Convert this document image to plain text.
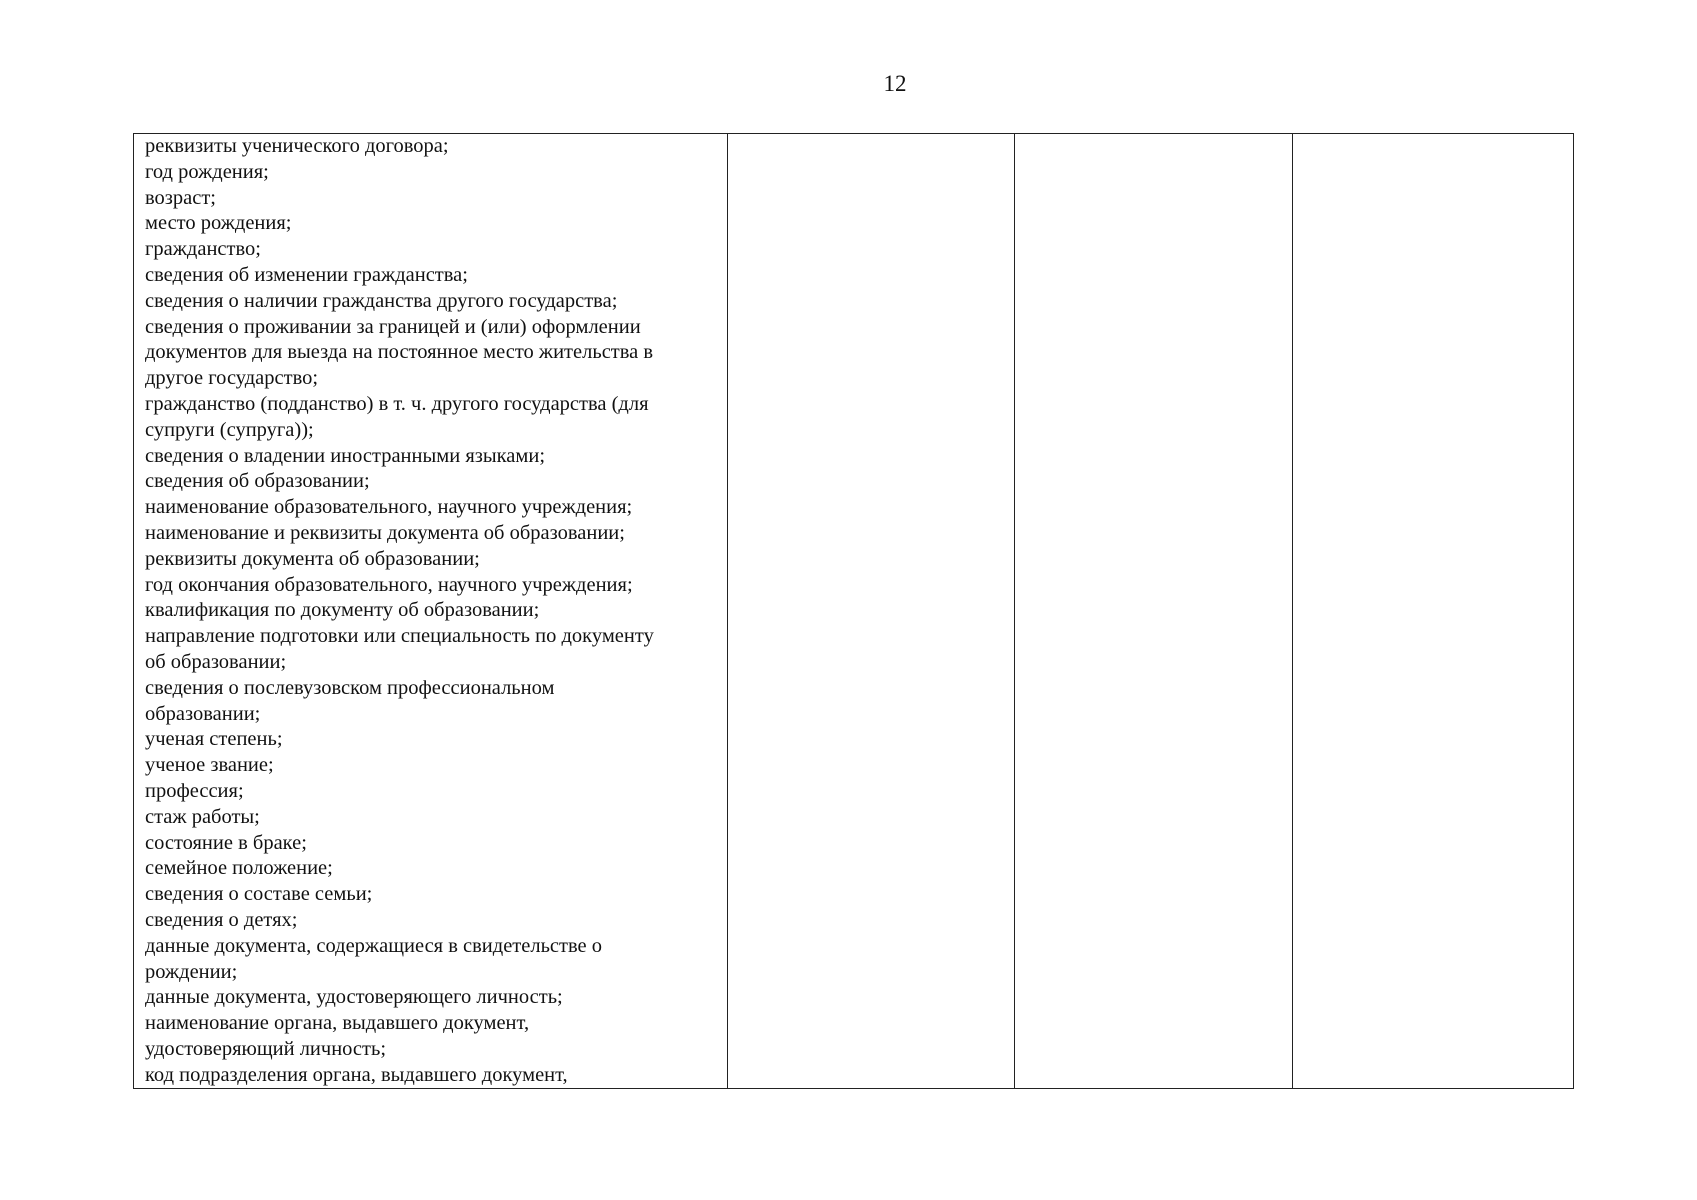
12
реквизиты ученического договора;
год рождения;
возраст;
место рождения;
гражданство;
сведения об изменении гражданства;
сведения о наличии гражданства другого государства;
сведения о проживании за границей и (или) оформлении
документов для выезда на постоянное место жительства в
другое государство;
гражданство (подданство) в т. ч. другого государства (для
супруги (супруга));
сведения о владении иностранными языками;
сведения об образовании;
наименование образовательного, научного учреждения;
наименование и реквизиты документа об образовании;
реквизиты документа об образовании;
год окончания образовательного, научного учреждения;
квалификация по документу об образовании;
направление подготовки или специальность по документу
об образовании;
сведения о послевузовском профессиональном
образовании;
ученая степень;
ученое звание;
профессия;
стаж работы;
состояние в браке;
семейное положение;
сведения о составе семьи;
сведения о детях;
данные документа, содержащиеся в свидетельстве о
рождении;
данные документа, удостоверяющего личность;
наименование органа, выдавшего документ,
удостоверяющий личность;
код подразделения органа, выдавшего документ,
